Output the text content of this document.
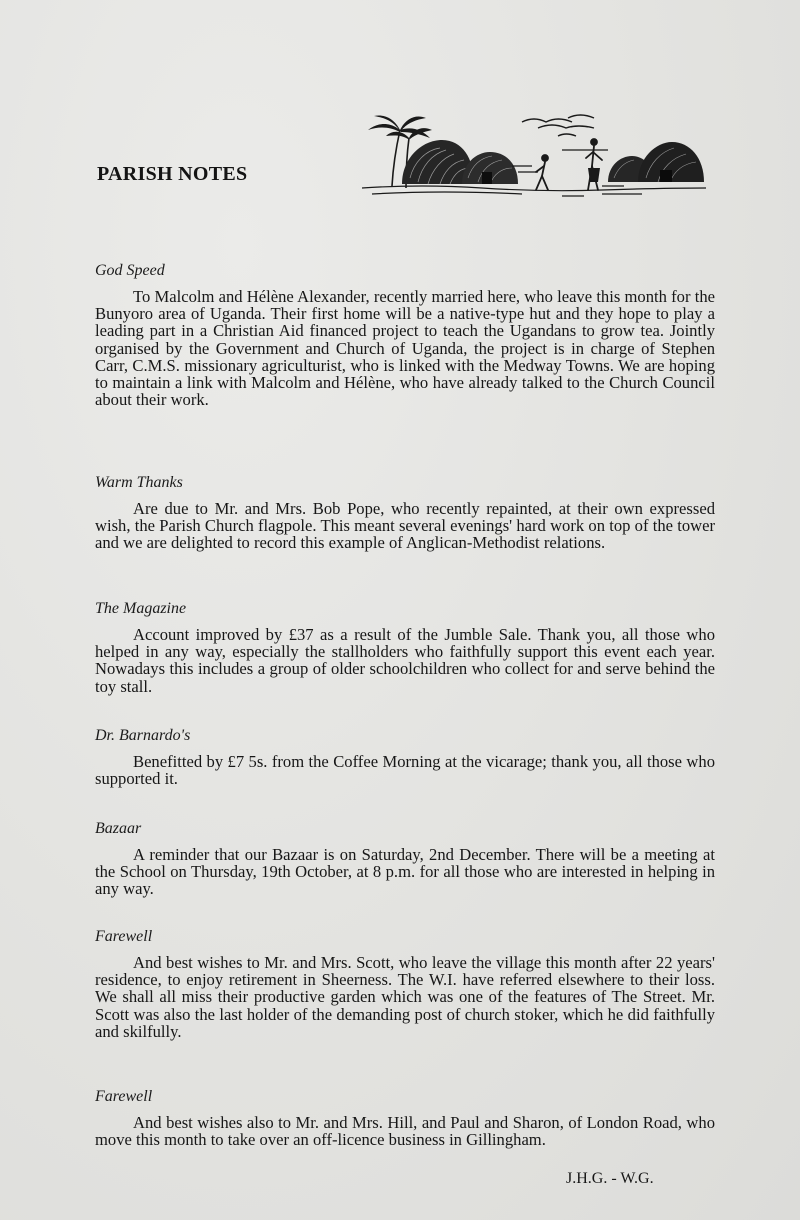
PARISH NOTES
God Speed

To Malcolm and Hélène Alexander, recently married here, who leave this month for the Bunyoro area of Uganda. Their first home will be a native-type hut and they hope to play a leading part in a Christian Aid financed project to teach the Ugandans to grow tea. Jointly organised by the Government and Church of Uganda, the project is in charge of Stephen Carr, C.M.S. missionary agriculturist, who is linked with the Medway Towns. We are hoping to maintain a link with Malcolm and Hélène, who have already talked to the Church Council about their work.

Warm Thanks

Are due to Mr. and Mrs. Bob Pope, who recently repainted, at their own expressed wish, the Parish Church flagpole. This meant several evenings' hard work on top of the tower and we are delighted to record this example of Anglican-Methodist relations.

The Magazine

Account improved by £37 as a result of the Jumble Sale. Thank you, all those who helped in any way, especially the stallholders who faithfully support this event each year. Nowadays this includes a group of older schoolchildren who collect for and serve behind the toy stall.

Dr. Barnardo's

Benefitted by £7 5s. from the Coffee Morning at the vicarage; thank you, all those who supported it.

Bazaar

A reminder that our Bazaar is on Saturday, 2nd December. There will be a meeting at the School on Thursday, 19th October, at 8 p.m. for all those who are interested in helping in any way.

Farewell

And best wishes to Mr. and Mrs. Scott, who leave the village this month after 22 years' residence, to enjoy retirement in Sheerness. The W.I. have referred elsewhere to their loss. We shall all miss their productive garden which was one of the features of The Street. Mr. Scott was also the last holder of the demanding post of church stoker, which he did faithfully and skilfully.

Farewell

And best wishes also to Mr. and Mrs. Hill, and Paul and Sharon, of London Road, who move this month to take over an off-licence business in Gillingham.

J.H.G. - W.G.
